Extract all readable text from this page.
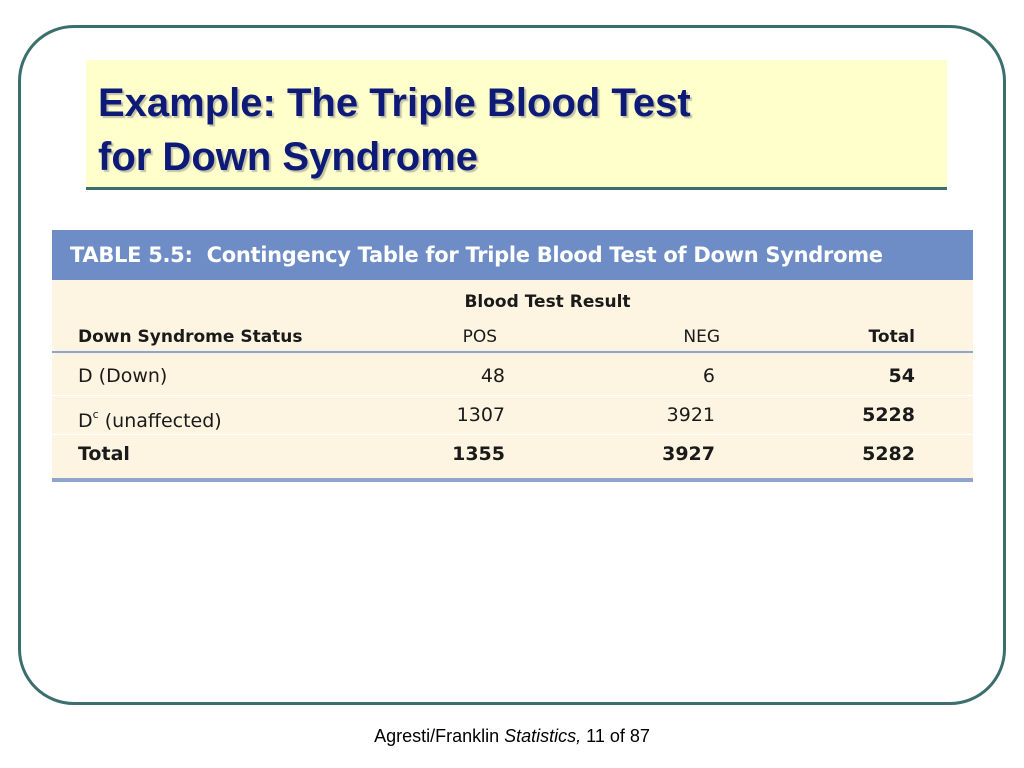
Example: The Triple Blood Test
for Down Syndrome
TABLE 5.5: Contingency Table for Triple Blood Test of Down Syndrome
Blood Test Result
Down Syndrome Status	POS	NEG	Total
D (Down)	48	6	54
$D^c$ (unaffected)	1307	3921	5228
Total	1355	3927	5282
Agresti/Franklin Statistics, 11 of 87
